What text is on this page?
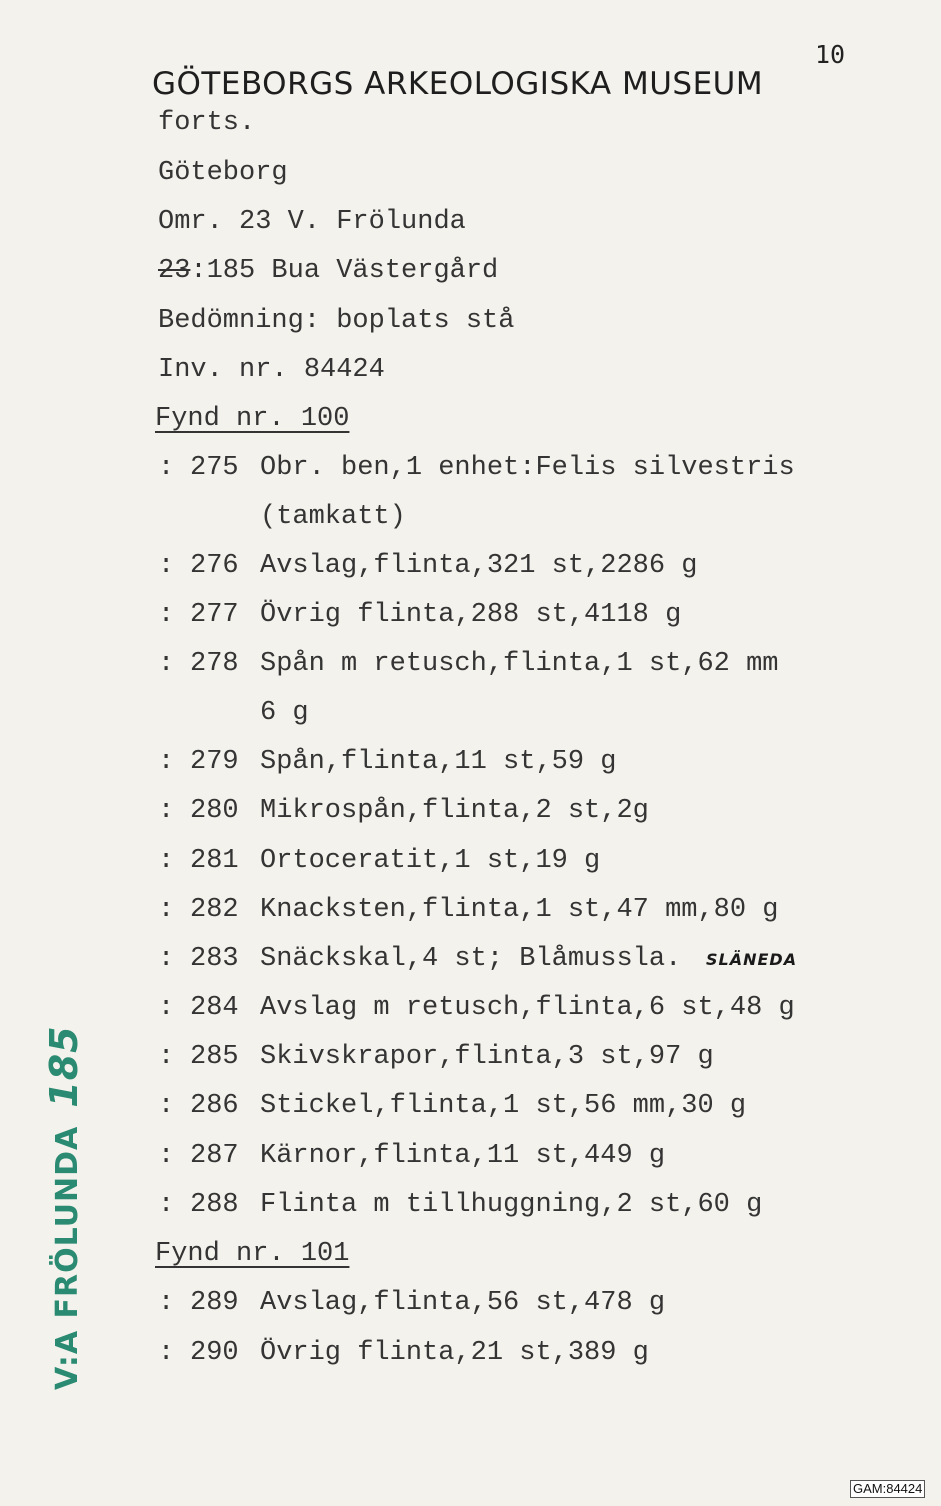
10
GÖTEBORGS ARKEOLOGISKA MUSEUM
forts.
Göteborg
Omr. 23 V. Frölunda
23:185 Bua Västergård
Bedömning: boplats stå
Inv. nr. 84424
Fynd nr. 100

:

275

Obr. ben,1 enhet:Felis silvestris

(tamkatt)

:

276

Avslag,flinta,321 st,2286 g

:

277

Övrig flinta,288 st,4118 g

:

278

Spån m retusch,flinta,1 st,62 mm

6 g

:

279

Spån,flinta,11 st,59 g

:

280

Mikrospån,flinta,2 st,2g

:

281

Ortoceratit,1 st,19 g

:

282

Knacksten,flinta,1 st,47 mm,80 g

:

283

Snäckskal,4 st; Blåmussla.

SLÄNEDA

:

284

Avslag m retusch,flinta,6 st,48 g

:

285

Skivskrapor,flinta,3 st,97 g

:

286

Stickel,flinta,1 st,56 mm,30 g

:

287

Kärnor,flinta,11 st,449 g

:

288

Flinta m tillhuggning,2 st,60 g

Fynd nr. 101

:

289

Avslag,flinta,56 st,478 g

:

290

Övrig flinta,21 st,389 g

V:A FRÖLUNDA185
GAM:84424
